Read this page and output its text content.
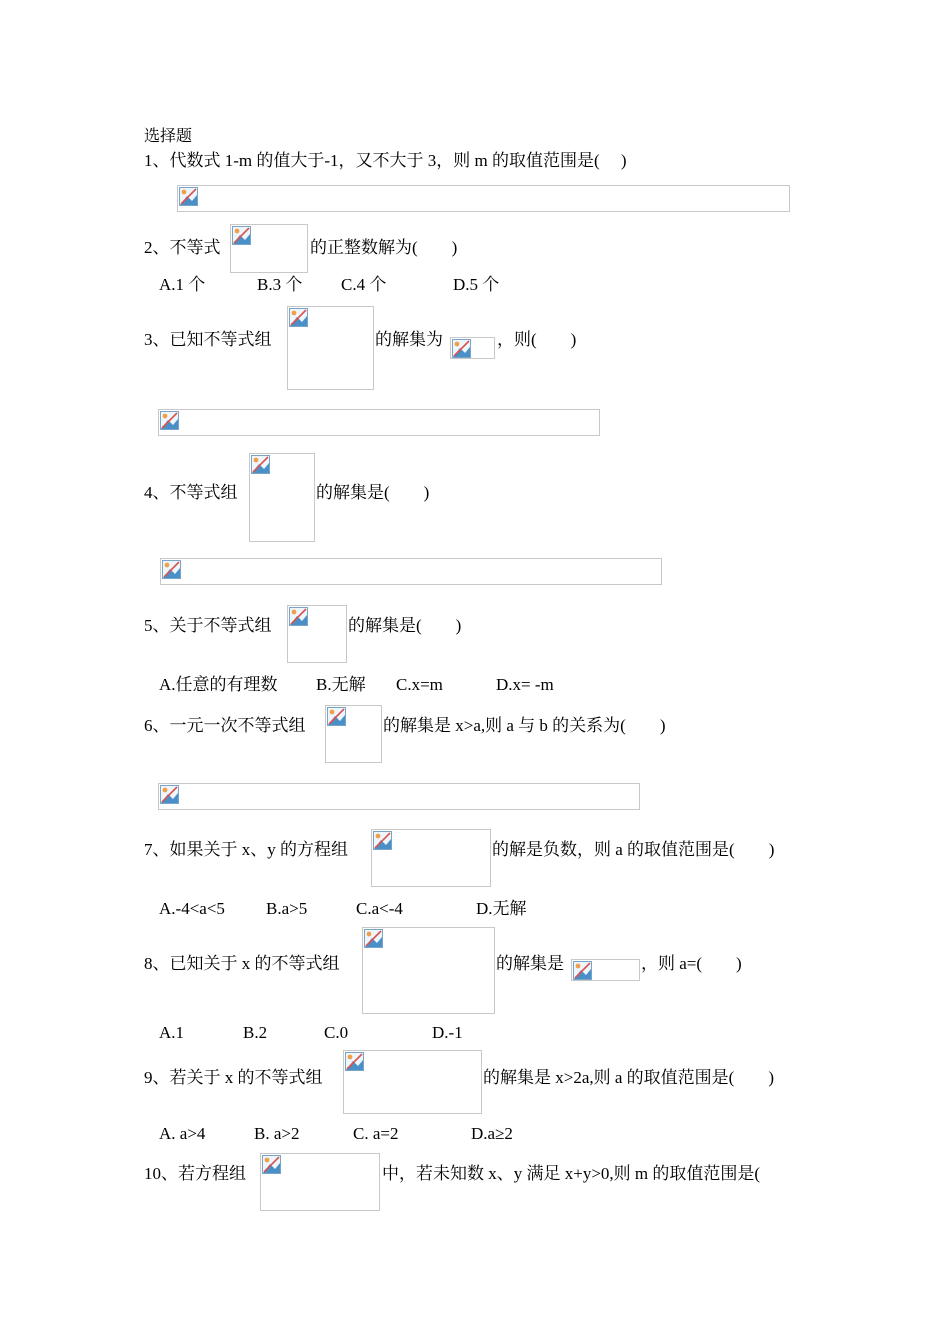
选择题
1、代数式 1-m 的值大于-1，又不大于 3，则 m 的取值范围是(　 )
2、不等式	的正整数解为(　　)
A.1 个	B.3 个 C.4 个	D.5 个
3、已知不等式组	的解集为	，则(　　)
4、不等式组	的解集是(　　)
5、关于不等式组	的解集是(　　)
A.任意的有理数 B.无解 C.x=m	D.x= -m
6、一元一次不等式组	的解集是 x>a,则 a 与 b 的关系为(　　)
7、如果关于 x、y 的方程组	的解是负数，则 a 的取值范围是(　　)
A.-4<a<5 B.a>5	C.a<-4	D.无解
8、已知关于 x 的不等式组	的解集是	，则 a=(　　)
A.1	B.2	C.0	D.-1
9、若关于 x 的不等式组	的解集是 x>2a,则 a 的取值范围是(　　)
A. a>4	B. a>2	C. a=2	D.a≥2
10、若方程组	中，若未知数 x、y 满足 x+y>0,则 m 的取值范围是(
